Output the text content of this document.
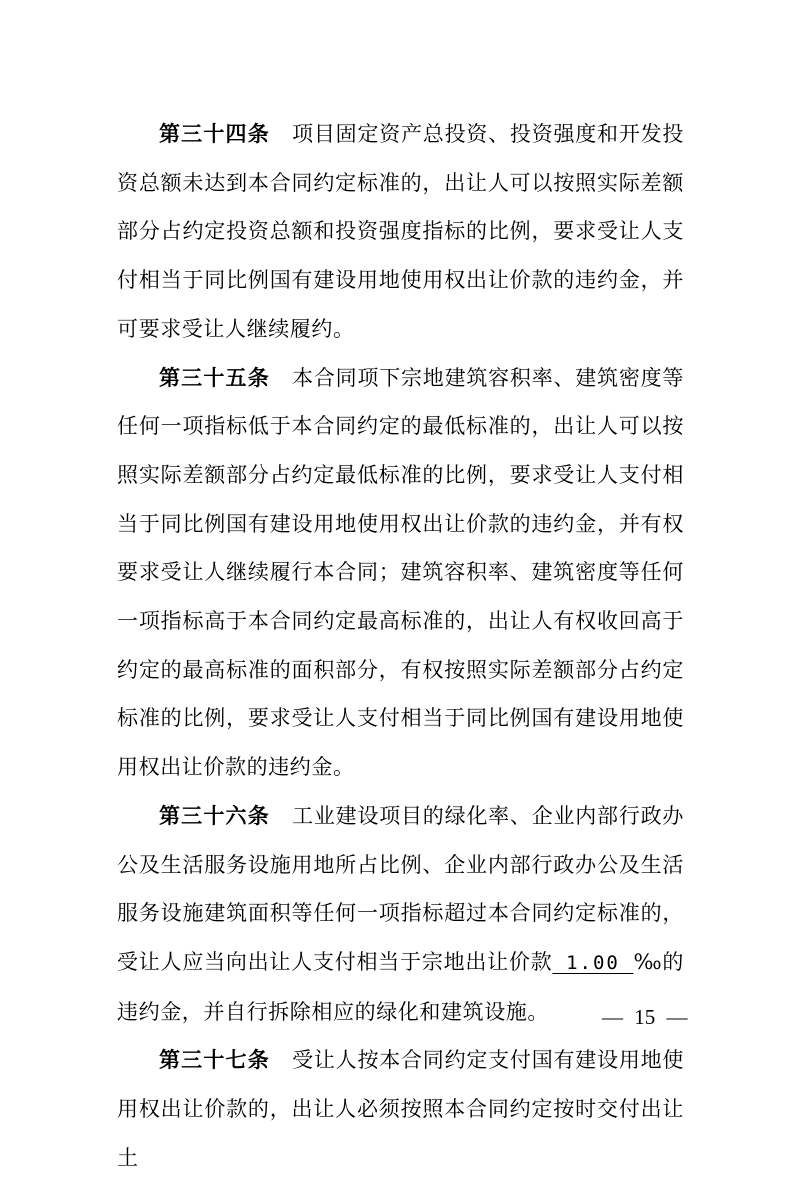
第三十四条 项目固定资产总投资、投资强度和开发投资总额未达到本合同约定标准的，出让人可以按照实际差额部分占约定投资总额和投资强度指标的比例，要求受让人支付相当于同比例国有建设用地使用权出让价款的违约金，并可要求受让人继续履约。

第三十五条 本合同项下宗地建筑容积率、建筑密度等任何一项指标低于本合同约定的最低标准的，出让人可以按照实际差额部分占约定最低标准的比例，要求受让人支付相当于同比例国有建设用地使用权出让价款的违约金，并有权要求受让人继续履行本合同；建筑容积率、建筑密度等任何一项指标高于本合同约定最高标准的，出让人有权收回高于约定的最高标准的面积部分，有权按照实际差额部分占约定标准的比例，要求受让人支付相当于同比例国有建设用地使用权出让价款的违约金。

第三十六条 工业建设项目的绿化率、企业内部行政办公及生活服务设施用地所占比例、企业内部行政办公及生活服务设施建筑面积等任何一项指标超过本合同约定标准的，受让人应当向出让人支付相当于宗地出让价款 1.00 ‰的违约金，并自行拆除相应的绿化和建筑设施。

第三十七条 受让人按本合同约定支付国有建设用地使用权出让价款的，出让人必须按照本合同约定按时交付出让土

— 15 —
